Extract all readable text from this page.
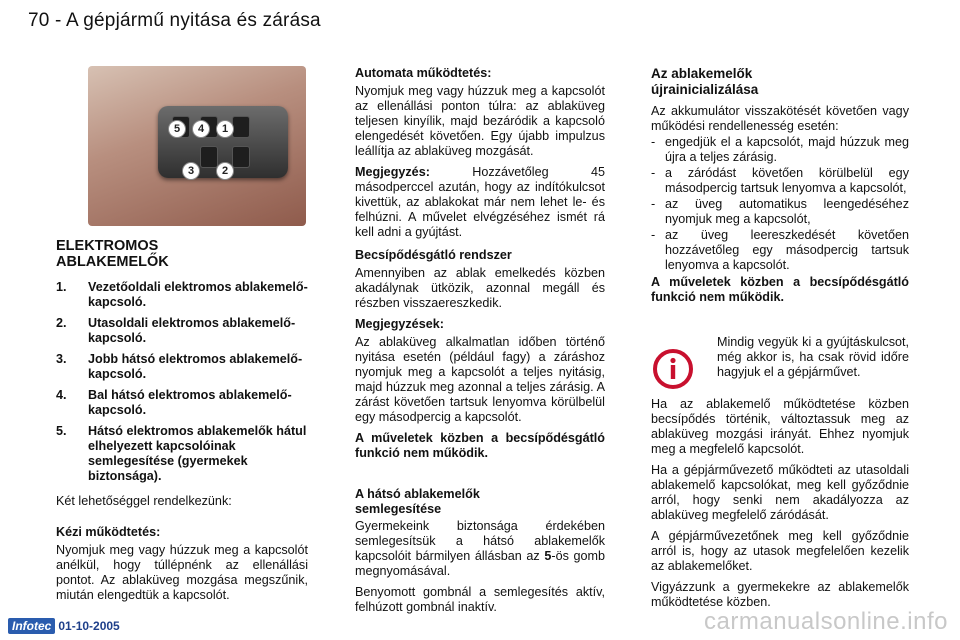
70 - A gépjármű nyitása és zárása
5	4	1
3	2
ELEKTROMOS
ABLAKEMELŐK
1.	Vezetőoldali elektromos ablakemelő-kapcsoló.
2.	Utasoldali elektromos ablakemelő-kapcsoló.
3.	Jobb hátsó elektromos ablakemelő-kapcsoló.
4.	Bal hátsó elektromos ablakemelő-kapcsoló.
5.	Hátsó elektromos ablakemelők hátul elhelyezett kapcsolóinak semlegesítése (gyermekek biztonsága).

Két lehetőséggel rendelkezünk:

Kézi működtetés:

Nyomjuk meg vagy húzzuk meg a kapcsolót anélkül, hogy túllépnénk az ellenállási pontot. Az ablaküveg mozgása megszűnik, miután elengedtük a kapcsolót.

Automata működtetés:

Nyomjuk meg vagy húzzuk meg a kapcsolót az ellenállási ponton túlra: az ablaküveg teljesen kinyílik, majd bezáródik a kapcsoló elengedését követően. Egy újabb impulzus leállítja az ablaküveg mozgását.

Megjegyzés:	Hozzávetőleg 45 másodperccel azután, hogy az indítókulcsot kivettük, az ablakokat már nem lehet le- és felhúzni. A művelet elvégzéséhez ismét rá kell adni a gyújtást.

Becsípődésgátló rendszer

Amennyiben az ablak emelkedés közben akadálynak ütközik, azonnal megáll és részben visszaereszkedik.

Megjegyzések:

Az ablaküveg alkalmatlan időben történő nyitása esetén (például fagy) a záráshoz nyomjuk meg a kapcsolót a teljes nyitásig, majd húzzuk meg azonnal a teljes zárásig. A zárást követően tartsuk lenyomva körülbelül egy másodpercig a kapcsolót.

A műveletek közben a becsípődésgátló funkció nem működik.

A hátsó ablakemelők
semlegesítése

Gyermekeink biztonsága érdekében semlegesítsük a hátsó ablakemelők kapcsolóit bármilyen állásban az 5-ös gomb megnyomásával.

Benyomott gombnál a semlegesítés aktív, felhúzott gombnál inaktív.

Az ablakemelők
újrainicializálása

Az akkumulátor visszakötését követően vagy működési rendellenesség esetén:

- engedjük el a kapcsolót, majd húzzuk meg újra a teljes zárásig.
- a záródást követően körülbelül egy másodpercig tartsuk lenyomva a kapcsolót,
- az üveg automatikus leengedéséhez nyomjuk meg a kapcsolót,
- az üveg leereszkedését követően hozzávetőleg egy másodpercig tartsuk lenyomva a kapcsolót.

A műveletek közben a becsípődésgátló funkció nem működik.

Mindig vegyük ki a gyújtáskulcsot, még akkor is, ha csak rövid időre hagyjuk el a gépjárművet.

Ha az ablakemelő működtetése közben becsípődés történik, változtassuk meg az ablaküveg mozgási irányát. Ehhez nyomjuk meg a megfelelő kapcsolót.

Ha a gépjárművezető működteti az utasoldali ablakemelő kapcsolókat, meg kell győződnie arról, hogy senki nem akadályozza az ablaküveg megfelelő záródását.

A gépjárművezetőnek meg kell győződnie arról is, hogy az utasok megfelelően kezelik az ablakemelőket.

Vigyázzunk a gyermekekre az ablakemelők működtetése közben.

Infotec 01-10-2005	carmanualsonline.info
